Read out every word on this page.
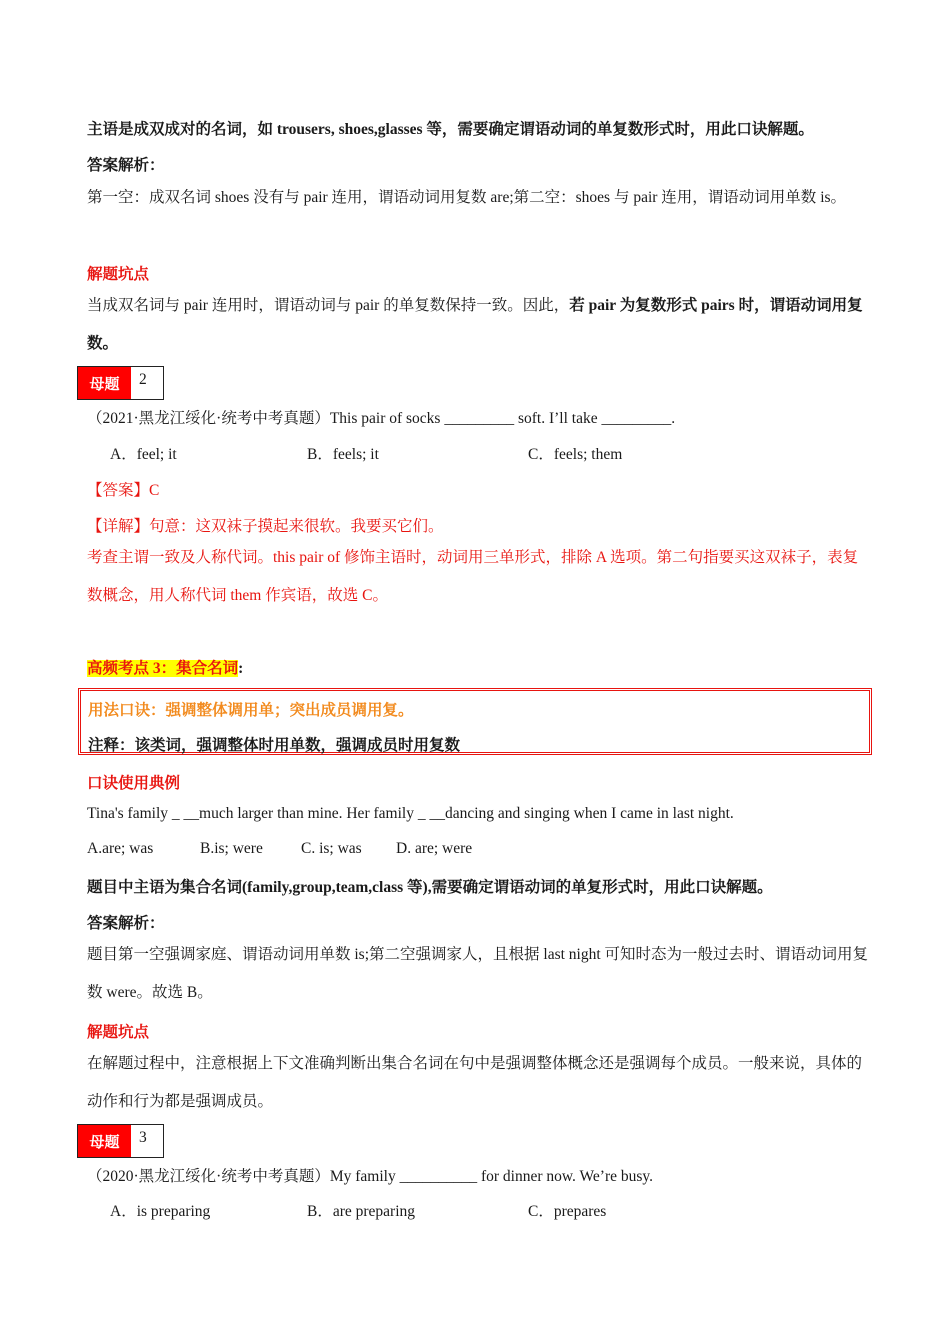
主语是成双成对的名词，如 trousers, shoes,glasses 等，需要确定谓语动词的单复数形式时，用此口诀解题。

答案解析：

第一空：成双名词 shoes 没有与 pair 连用，谓语动词用复数 are;第二空：shoes 与 pair 连用，谓语动词用单数 is。

解题坑点

当成双名词与 pair 连用时，谓语动词与 pair 的单复数保持一致。因此，若 pair 为复数形式 pairs 时，谓语动词用复数。

母题	2

（2021·黑龙江绥化·统考中考真题）This pair of socks _________ soft. I’ll take _________.

A．feel; it	B．feels; it	C．feels; them

【答案】C

【详解】句意：这双袜子摸起来很软。我要买它们。

考查主谓一致及人称代词。this pair of 修饰主语时，动词用三单形式，排除 A 选项。第二句指要买这双袜子，表复数概念，用人称代词 them 作宾语，故选 C。

高频考点 3：集合名词:

用法口诀：强调整体调用单；突出成员调用复。

注释：该类词，强调整体时用单数，强调成员时用复数

口诀使用典例

Tina's family _ __much larger than mine. Her family _ __dancing and singing when I came in last night.

A.are; was	B.is; were C. is; was D. are; were

题目中主语为集合名词(family,group,team,class 等),需要确定谓语动词的单复形式时，用此口诀解题。

答案解析：

题目第一空强调家庭、谓语动词用单数 is;第二空强调家人，且根据 last night 可知时态为一般过去时、谓语动词用复数 were。故选 B。

解题坑点

在解题过程中，注意根据上下文准确判断出集合名词在句中是强调整体概念还是强调每个成员。一般来说，具体的动作和行为都是强调成员。

母题	3

（2020·黑龙江绥化·统考中考真题）My family __________ for dinner now. We’re busy.

A．is preparing	B．are preparing	C．prepares
